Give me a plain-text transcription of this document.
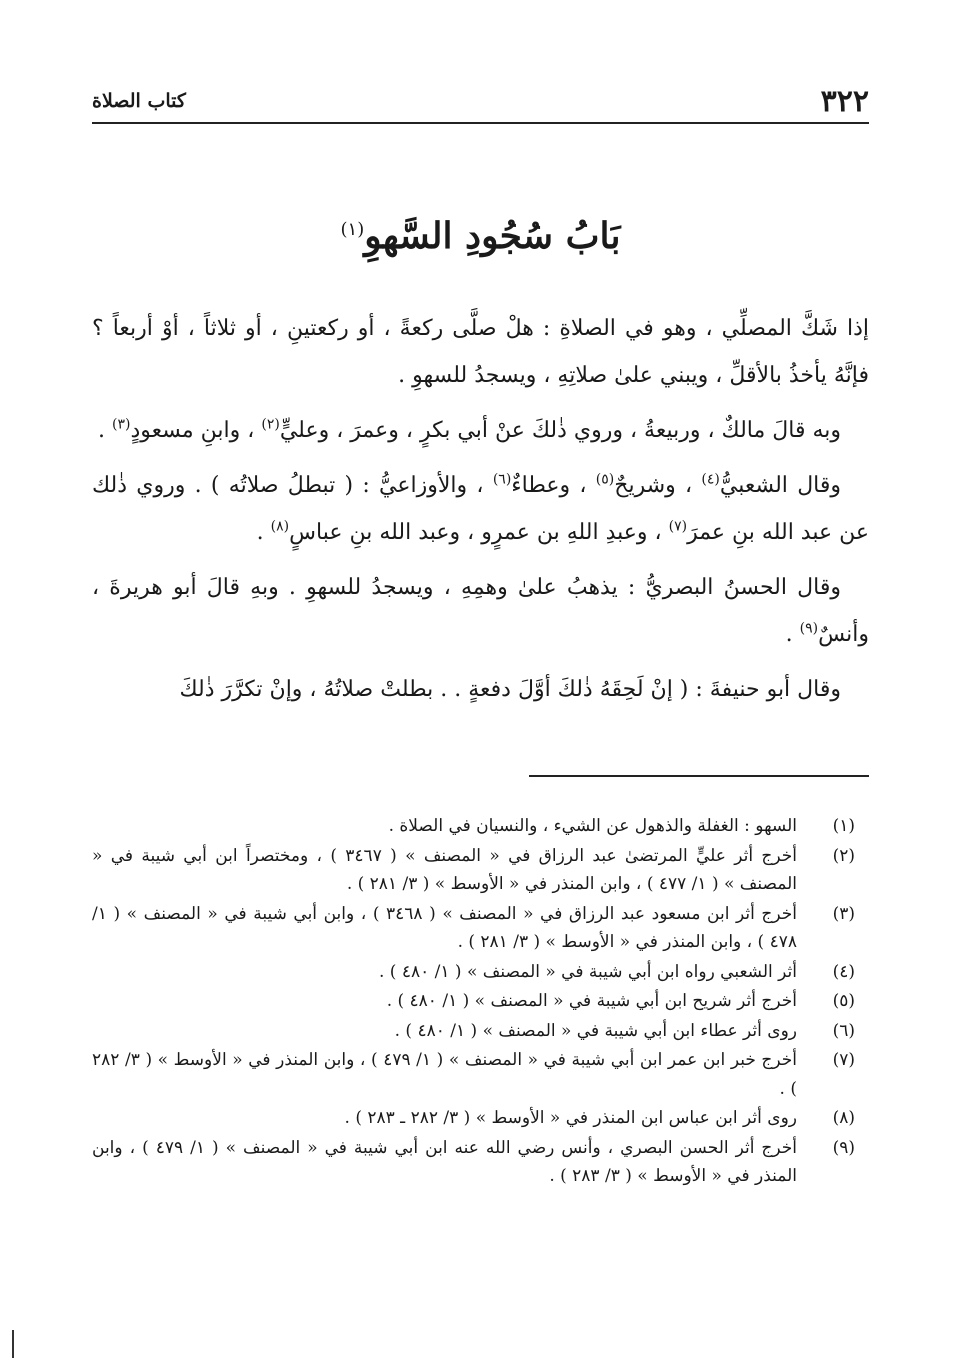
٣٢٢
كتاب الصلاة
بَابُ سُجُودِ السَّهوِ$^{(١)}$

إذا شَكَّ المصلِّي ، وهو في الصلاةِ : هلْ صلَّى ركعةً ، أو ركعتينِ ، أو ثلاثاً ، أوْ أربعاً ؟ فإنَّهُ يأخذُ بالأقلِّ ، ويبني علىٰ صلاتِهِ ، ويسجدُ للسهوِ .

وبه قالَ مالكٌ ، وربيعةُ ، وروي ذٰلكَ عنْ أبي بكرٍ ، وعمرَ ، وعليٍّ$^{(٢)}$ ، وابنِ مسعودٍ$^{(٣)}$ .

وقال الشعبيُّ$^{(٤)}$ ، وشريحٌ$^{(٥)}$ ، وعطاءٌ$^{(٦)}$ ، والأوزاعيُّ : ( تبطلُ صلاتُه ) . وروي ذٰلك عن عبد الله بنِ عمرَ$^{(٧)}$ ، وعبدِ اللهِ بن عمرٍو ، وعبد الله بنِ عباسٍ$^{(٨)}$ .

وقال الحسنُ البصريُّ : يذهبُ علىٰ وهمِهِ ، ويسجدُ للسهوِ . وبهِ قالَ أبو هريرةَ ، وأنسٌ$^{(٩)}$ .

وقال أبو حنيفةَ : ( إنْ لَحِقَهُ ذٰلكَ أوَّلَ دفعةٍ . . بطلتْ صلاتُهُ ، وإنْ تكرَّرَ ذٰلكَ

(١)
السهو : الغفلة والذهول عن الشيء ، والنسيان في الصلاة .
(٢)
أخرج أثر عليٍّ المرتضىٰ عبد الرزاق في « المصنف » ( ٣٤٦٧ ) ، ومختصراً ابن أبي شيبة في « المصنف » ( ١/ ٤٧٧ ) ، وابن المنذر في « الأوسط » ( ٣/ ٢٨١ ) .
(٣)
أخرج أثر ابن مسعود عبد الرزاق في « المصنف » ( ٣٤٦٨ ) ، وابن أبي شيبة في « المصنف » ( ١/ ٤٧٨ ) ، وابن المنذر في « الأوسط » ( ٣/ ٢٨١ ) .
(٤)
أثر الشعبي رواه ابن أبي شيبة في « المصنف » ( ١/ ٤٨٠ ) .
(٥)
أخرج أثر شريح ابن أبي شيبة في « المصنف » ( ١/ ٤٨٠ ) .
(٦)
روى أثر عطاء ابن أبي شيبة في « المصنف » ( ١/ ٤٨٠ ) .
(٧)
أخرج خبر ابن عمر ابن أبي شيبة في « المصنف » ( ١/ ٤٧٩ ) ، وابن المنذر في « الأوسط » ( ٣/ ٢٨٢ ) .
(٨)
روى أثر ابن عباس ابن المنذر في « الأوسط » ( ٣/ ٢٨٢ ـ ٢٨٣ ) .
(٩)
أخرج أثر الحسن البصري ، وأنس رضي الله عنه ابن أبي شيبة في « المصنف » ( ١/ ٤٧٩ ) ، وابن المنذر في « الأوسط » ( ٣/ ٢٨٣ ) .
